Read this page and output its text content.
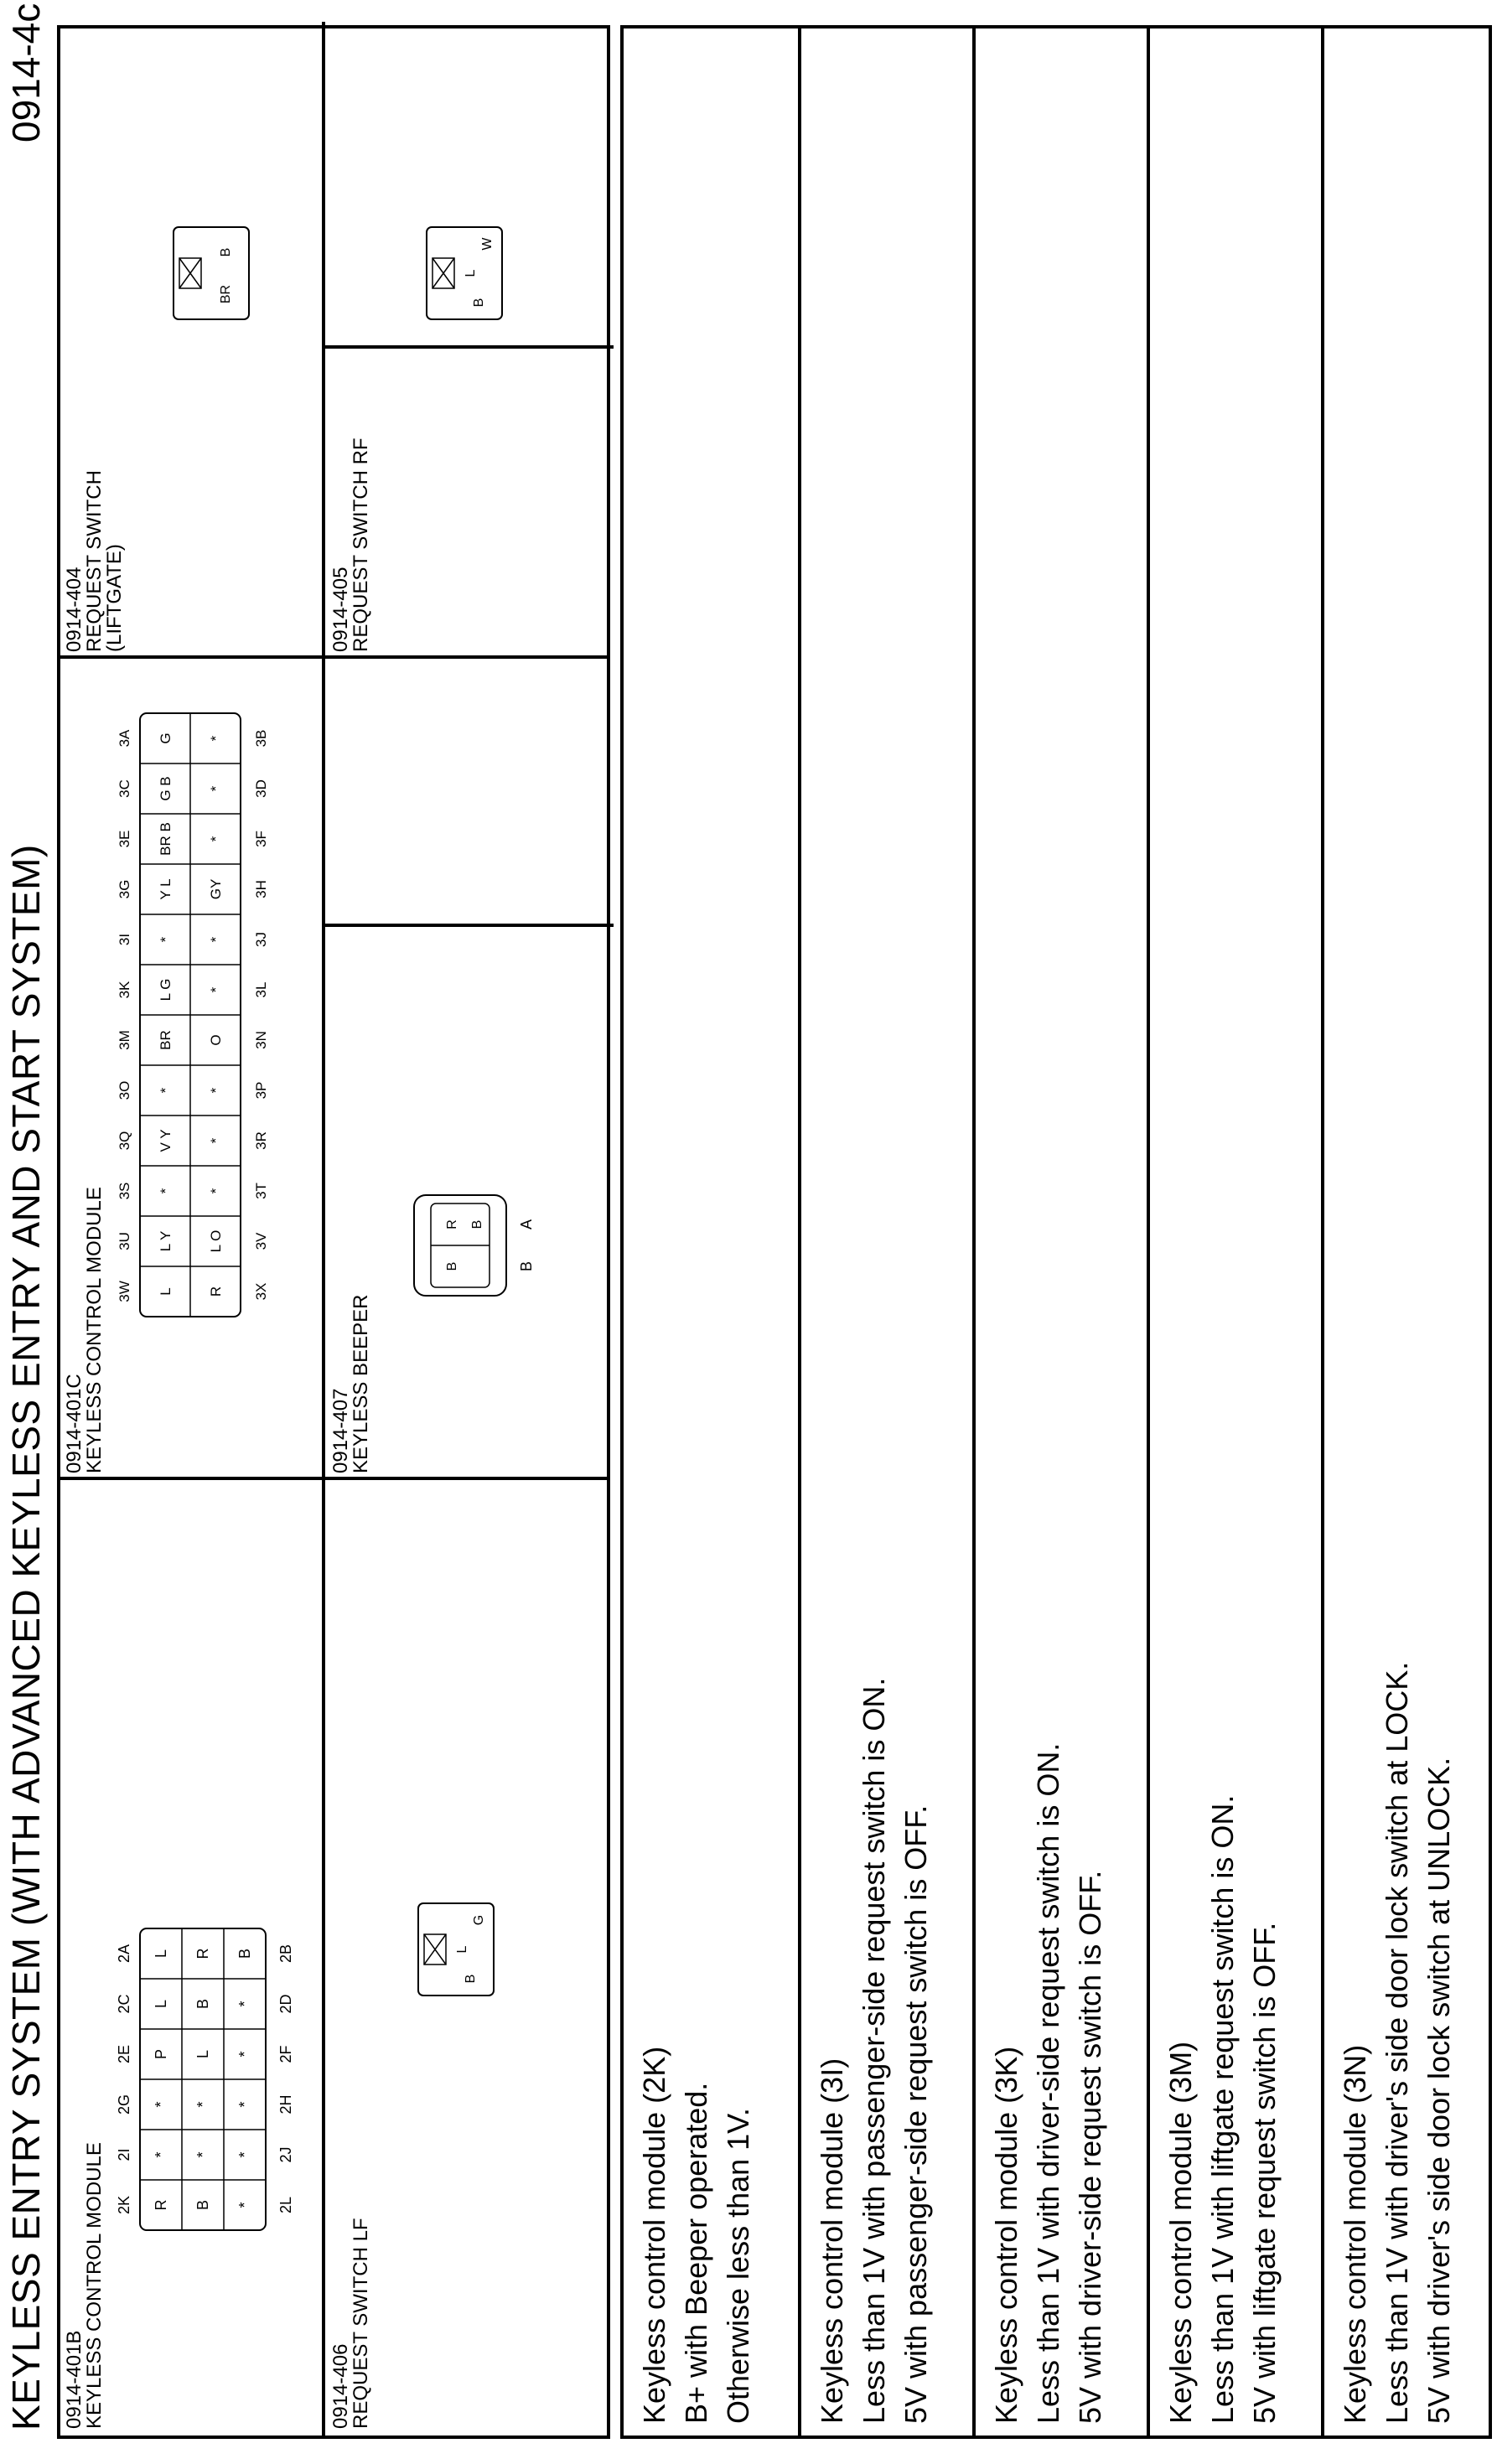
KEYLESS ENTRY SYSTEM (WITH ADVANCED KEYLESS ENTRY AND START SYSTEM)
0914-4c
0914-401B
KEYLESS CONTROL MODULE 2K
2I
2G
2E
2C
2A
R
*
*
P
L
L
B
*
*
L
B
R
*
*
*
*
*
B
2L
2J
2H
2F
2D
2B
0914-406
REQUEST SWITCH LF
B
L
G
0914-401C
KEYLESS CONTROL MODULE 3W
3U
3S
3Q
3O
3M
3K
3I
3G
3E
3C
3A
L
L Y
*
V Y
*
BR
L G
*
Y L
BR B
G B
G
R
L O
*
*
*
O
*
*
GY
*
*
*
3X
3V
3T
3R
3P
3N
3L
3J
3H
3F
3D
3B
0914-407
KEYLESS BEEPER
B
R B
B
A
0914-404
REQUEST SWITCH
(LIFTGATE)
BR
B
0914-405
REQUEST SWITCH RF
B
L
W
Keyless control module (2K) B+ with Beeper operated. Otherwise less than 1V. Keyless control module (3I) Less than 1V with passenger-side request switch is ON. 5V with passenger-side request switch is OFF. Keyless control module (3K) Less than 1V with driver-side request switch is ON. 5V with driver-side request switch is OFF. Keyless control module (3M) Less than 1V with liftgate request switch is ON. 5V with liftgate request switch is OFF. Keyless control module (3N) Less than 1V with driver's side door lock switch at LOCK. 5V with driver's side door lock switch at UNLOCK.
